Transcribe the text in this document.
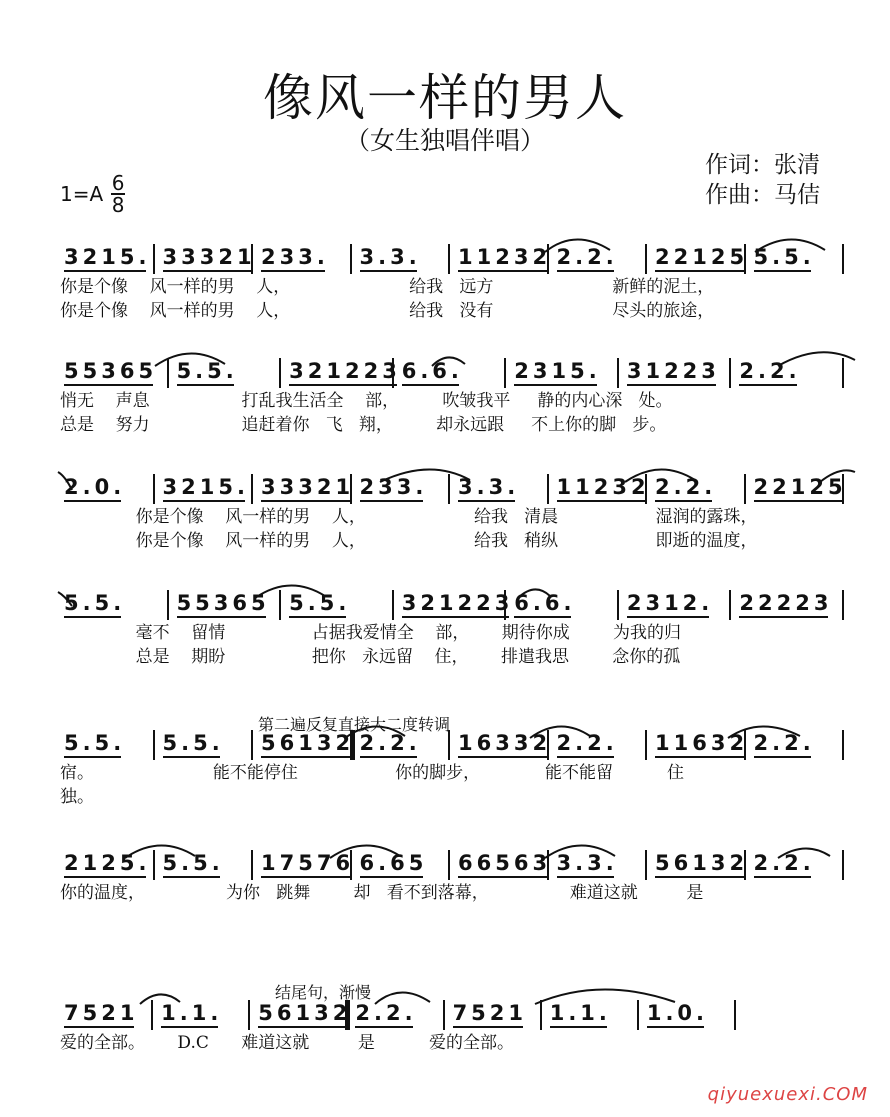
像风一样的男人
（女生独唱伴唱）
$1=A \frac{6}{8}$
作词：张清
作曲：马佶
第二遍反复直接大二度转调
结尾句，渐慢
3215. 33321 233. 3.3. 11232 2.2. 22125 5.5.
你是个像    风一样的男    人，                      给我   远方                      新鲜的泥土，
你是个像    风一样的男    人，                      给我   没有                      尽头的旅途，
55365 5.5. 321223 6.6. 2315. 31223 2.2.
悄无    声息                 打乱我生活全    部，        吹皱我平     静的内心深   处。
总是    努力                 追赶着你   飞   翔，        却永远跟     不上你的脚   步。
2.0. 3215. 33321 233. 3.3. 11232 2.2. 22125
你是个像    风一样的男    人，                    给我   清晨                  湿润的露珠，
你是个像    风一样的男    人，                    给我   稍纵                  即逝的温度，
5.5. 55365 5.5. 321223 6.6. 2312. 22223
毫不    留情                占据我爱情全    部，      期待你成        为我的归
总是    期盼                把你   永远留    住，      排遣我思        念你的孤
5.5. 5.5. 56132 2.2. 16332 2.2. 11632 2.2.
宿。                      能不能停住                  你的脚步，            能不能留          住
独。
2125. 5.5. 17576 6.65 66563 3.3. 56132 2.2.
你的温度，               为你   跳舞        却   看不到落幕，               难道这就         是
7521 1.1. 56132 2.2. 7521 1.1. 1.0.
爱的全部。      D.C      难道这就         是          爱的全部。
qiyuexuexi.COM
